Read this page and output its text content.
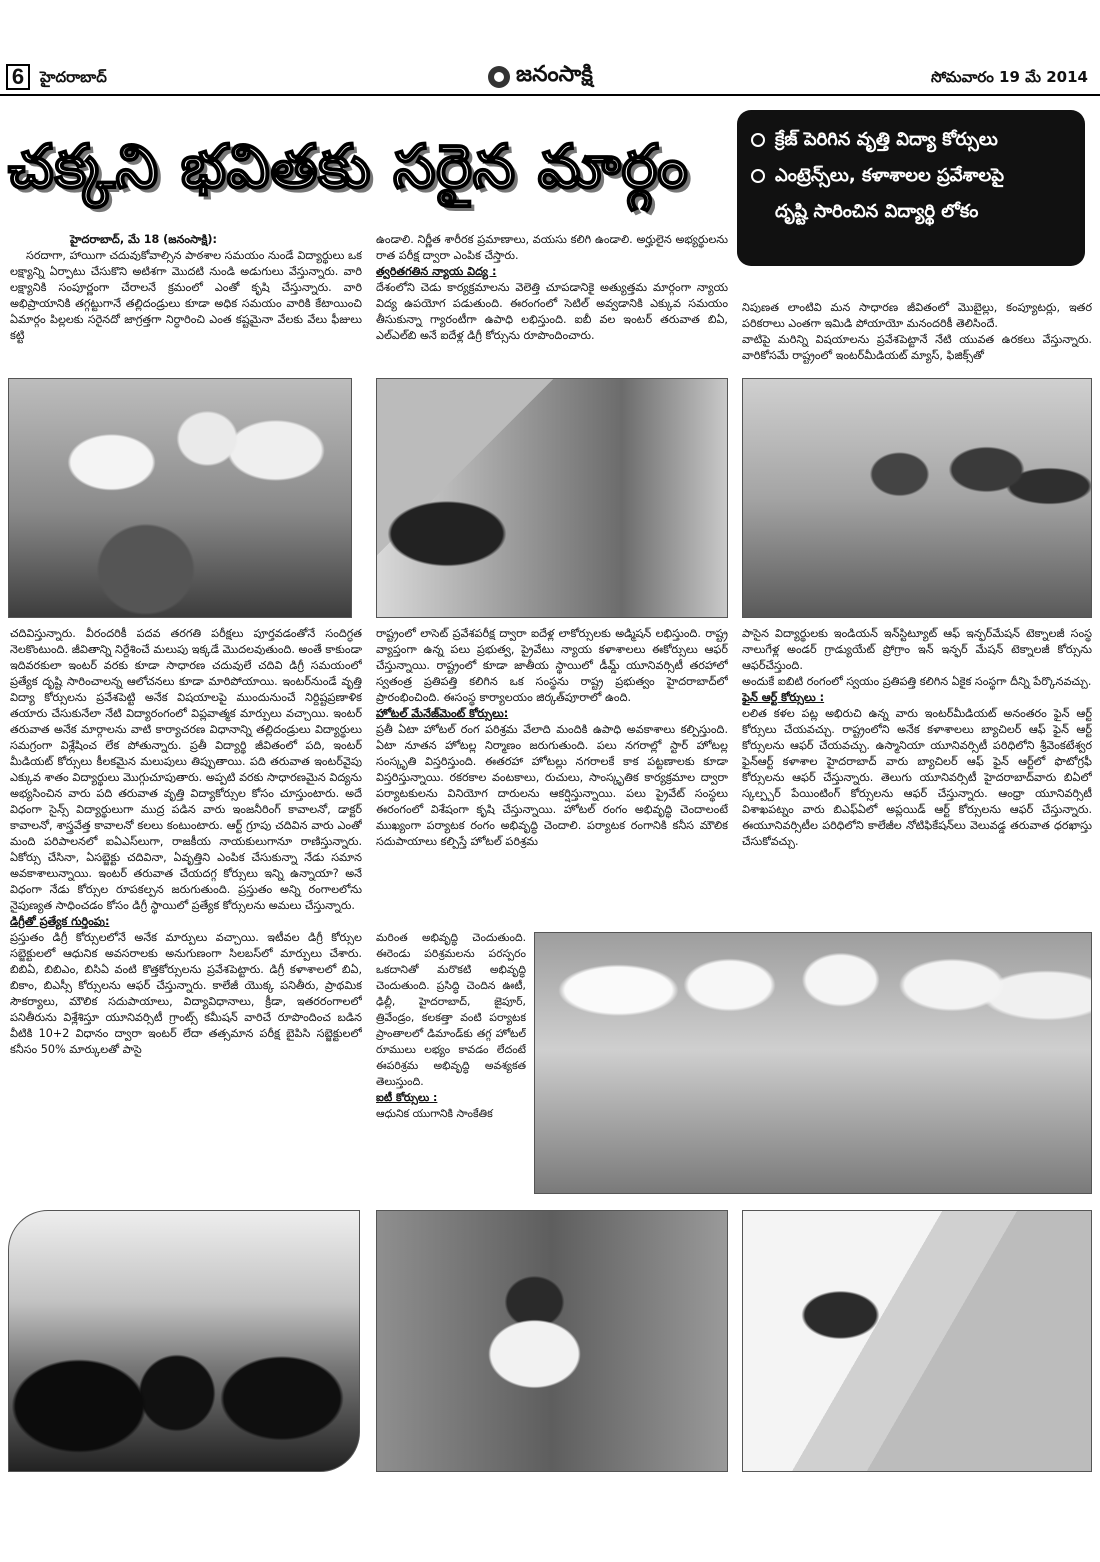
6	హైదరాబాద్	జనంసాక్షి	సోమవారం 19 మే 2014
చక్కని భవితకు సరైన మార్గం	క్రేజ్ పెరిగిన వృత్తి విద్యా కోర్సులు
ఎంట్రెన్స్‌లు, కళాశాలల ప్రవేశాలపై
దృష్టి సారించిన విద్యార్థి లోకం

హైదరాబాద్, మే 18 (జనంసాక్షి):

సరదాగా, హాయిగా చదువుకోవాల్సిన పాఠశాల సమయం నుండే విద్యార్థులు ఒక లక్ష్యాన్ని ఏర్పాటు చేసుకొని అటిశగా మొదటి నుండి అడుగులు వేస్తున్నారు. వారి లక్ష్యానికి సంపూర్ణంగా చేరాలనే క్రమంలో ఎంతో కృషి చేస్తున్నారు. వారి అభిప్రాయానికి తగ్గట్టుగానే తల్లిదండ్రులు కూడా అధిక సమయం వారికి కేటాయించి ఏమార్గం పిల్లలకు సరైనదో జాగ్రత్తగా నిర్ధారించి ఎంత కష్టమైనా వేలకు వేలు ఫీజులు కట్టి

ఉండాలి. నిర్ణీత శారీరక ప్రమాణాలు, వయసు కలిగి ఉండాలి. అర్హులైన అభ్యర్థులను రాత పరీక్ష ద్వారా ఎంపిక చేస్తారు.

త్వరితగతిన న్యాయ విద్య :

దేశంలోని చెడు కార్యక్రమాలను వెలెత్తి చూపడానికై అత్యుత్తమ మార్గంగా న్యాయ విద్య ఉపయోగ పడుతుంది. ఈరంగంలో సెటిల్ అవ్వడానికి ఎక్కువ సమయం తీసుకున్నా గ్యారంటీగా ఉపాధి లభిస్తుంది. ఐబీ వల ఇంటర్ తరువాత బిఏ, ఎల్‌ఎల్‌బి అనే ఐదేళ్ల డిగ్రీ కోర్సును రూపొందించారు.

నిపుణత లాంటివి మన సాధారణ జీవితంలో మొబైల్లు, కంప్యూటర్లు, ఇతర పరికరాలు ఎంతగా ఇమిడి పోయాయో మనందరికీ తెలిసిందే.

వాటిపై మరిన్ని విషయాలను ప్రవేశపెట్టానే నేటి యువత ఉరకలు వేస్తున్నారు. వారికోసమే రాష్ట్రంలో ఇంటర్‌మీడియట్ మ్యాస్, ఫిజిక్స్‌తో

చదివిస్తున్నారు. వీరందరికీ పదవ తరగతి పరీక్షలు పూర్తవడంతోనే సందిగ్ధత నెలకొంటుంది. జీవితాన్ని నిర్దేశించే మలుపు ఇక్కడే మొదలవుతుంది. అంతే కాకుండా ఇదివరకులా ఇంటర్ వరకు కూడా సాధారణ చదువులే చదివి డిగ్రీ సమయంలో ప్రత్యేక దృష్టి సారించాలన్న ఆలోచనలు కూడా మారిపోయాయి. ఇంటర్‌నుండే వృత్తి విద్యా కోర్సులను ప్రవేశపెట్టి అనేక విషయాలపై ముందునుంచే నిర్దిష్టప్రణాళిక తయారు చేసుకునేలా నేటి విద్యారంగంలో విప్లవాత్మక మార్పులు వచ్చాయి. ఇంటర్ తరువాత అనేక మార్గాలను వాటి కార్యాచరణ విధానాన్ని తల్లిదండ్రులు విద్యార్థులు సమగ్రంగా విశ్లేషించ లేక పోతున్నారు. ప్రతీ విద్యార్థి జీవితంలో పది, ఇంటర్ మీడియట్ కోర్సులు కీలకమైన మలుపులు తిప్పుతాయి. పది తరువాత ఇంటర్‌వైపు ఎక్కువ శాతం విద్యార్థులు మొగ్గుచూపుతారు. అప్పటి వరకు సాధారణమైన విద్యను అభ్యసించిన వారు పది తరువాత వృత్తి విద్యాకోర్సుల కోసం చూస్తుంటారు. అదే విధంగా సైన్స్ విద్యార్థులుగా ముద్ర పడిన వారు ఇంజనీరింగ్ కావాలనో, డాక్టర్ కావాలనో, శాస్త్రవేత్త కావాలనో కలలు కంటుంటారు. ఆర్ట్ గ్రూపు చదివిన వారు ఎంతో మంది పరిపాలనలో ఐఏఎస్‌లుగా, రాజకీయ నాయకులుగానూ రాణిస్తున్నారు. ఏకోర్సు చేసినా, ఏసబ్జెక్టు చదివినా, ఏవృత్తిని ఎంపిక చేసుకున్నా నేడు సమాన అవకాశాలున్నాయి. ఇంటర్ తరువాత చేయదగ్గ కోర్సులు ఇన్ని ఉన్నాయా? అనే విధంగా నేడు కోర్సుల రూపకల్పన జరుగుతుంది. ప్రస్తుతం అన్ని రంగాలలోను నైపుణ్యత సాధించడం కోసం డిగ్రీ స్థాయిలో ప్రత్యేక కోర్సులను అమలు చేస్తున్నారు.

డిగ్రీతో ప్రత్యేక గుర్తింపు:

ప్రస్తుతం డిగ్రీ కోర్సులలోనే అనేక మార్పులు వచ్చాయి. ఇటీవల డిగ్రీ కోర్సుల సబ్జెక్టులలో ఆధునిక అవసరాలకు అనుగుణంగా సిలబస్‌లో మార్పులు చేశారు. బిబిఏ, బిబిఎం, బిసిఏ వంటి కొత్తకోర్సులను ప్రవేశపెట్టారు. డిగ్రీ కళాశాలలో బిఏ, బికాం, బిఎస్సీ కోర్సులను ఆఫర్ చేస్తున్నారు. కాలేజీ యొక్క పనితీరు, ప్రాథమిక సౌకర్యాలు, మౌలిక సదుపాయాలు, విద్యావిధానాలు, క్రీడా, ఇతరరంగాలలో పనితీరును విశ్లేశిస్తూ యూనివర్సిటీ గ్రాంట్స్ కమీషన్ వారిచే రూపొందించ బడిన వీటికి 10+2 విధానం ద్వారా ఇంటర్ లేదా తత్సమాన పరీక్ష బైపిసి సబ్జెక్టులలో కనీసం 50% మార్కులతో పాసై

రాష్ట్రంలో లాసెట్ ప్రవేశపరీక్ష ద్వారా ఐదేళ్ల లాకోర్సులకు అడ్మిషన్ లభిస్తుంది. రాష్ట్ర వ్యాప్తంగా ఉన్న పలు ప్రభుత్వ, ప్రైవేటు న్యాయ కళాశాలలు ఈకోర్సులు ఆఫర్ చేస్తున్నాయి. రాష్ట్రంలో కూడా జాతీయ స్థాయిలో డీమ్డ్ యూనివర్సిటీ తరహాలో స్వతంత్ర ప్రతిపత్తి కలిగిన ఒక సంస్థను రాష్ట్ర ప్రభుత్వం హైదరాబాద్‌లో ప్రారంభించింది. ఈసంస్థ కార్యాలయం జిర్కత్‌పూరాలో ఉంది.

హోటల్ మేనేజ్‌మెంట్ కోర్సులు:

ప్రతీ ఏటా హోటల్ రంగ పరిశ్రమ వేలాది మందికి ఉపాధి అవకాశాలు కల్పిస్తుంది. ఏటా నూతన హోటల్ల నిర్మాణం జరుగుతుంది. పలు నగరాల్లో స్టార్ హోటల్ల సంస్కృతి విస్తరిస్తుంది. ఈతరహా హోటల్లు నగరాలకే కాక పట్టణాలకు కూడా విస్తరిస్తున్నాయి. రకరకాల వంటకాలు, రుచులు, సాంస్కృతిక కార్యక్రమాల ద్వారా పర్యాటకులను వినియోగ దారులను ఆకర్షిస్తున్నాయి. పలు ప్రైవేట్ సంస్థలు ఈరంగంలో విశేషంగా కృషి చేస్తున్నాయి. హోటల్ రంగం అభివృద్ధి చెందాలంటే ముఖ్యంగా పర్యాటక రంగం అభివృద్ధి చెందాలి. పర్యాటక రంగానికి కనీస మౌలిక సదుపాయాలు కల్పిస్తే హోటల్ పరిశ్రమ

మరింత అభివృద్ధి చెందుతుంది. ఈరెండు పరిశ్రమలను పరస్పరం ఒకదానితో మరొకటి అభివృద్ధి చెందుతుంది. ప్రసిద్ధి చెందిన ఊటీ, ఢిల్లీ, హైదరాబాద్, జైపూర్, త్రివేండ్రం, కలకత్తా వంటి పర్యాటక ప్రాంతాలలో డిమాండ్‌కు తగ్గ హోటల్ రూములు లభ్యం కావడం లేదంటే ఈపరిశ్రమ అభివృద్ధి అవశ్యకత తెలుస్తుంది.

ఐటీ కోర్సులు :

ఆధునిక యుగానికి సాంకేతిక

పాసైన విద్యార్థులకు ఇండియన్ ఇన్‌స్టిట్యూట్ ఆఫ్ ఇన్ఫర్‌మేషన్ టెక్నాలజీ సంస్థ నాలుగేళ్ల అండర్ గ్రాడ్యుయేట్ ప్రోగ్రాం ఇన్ ఇన్ఫర్ మేషన్ టెక్నాలజీ కోర్సును ఆఫర్‌చేస్తుంది.

అందుకే ఐబిటి రంగంలో స్వయం ప్రతిపత్తి కలిగిన ఏకైక సంస్థగా దీన్ని పేర్కొనవచ్చు.

ఫైన్ ఆర్ట్ కోర్సులు :

లలిత కళల పట్ల అభిరుచి ఉన్న వారు ఇంటర్‌మీడియట్ అనంతరం ఫైన్ ఆర్ట్ కోర్సులు చేయవచ్చు. రాష్ట్రంలోని అనేక కళాశాలలు బ్యాచిలర్ ఆఫ్ ఫైన్ ఆర్ట్ కోర్సులను ఆఫర్ చేయవచ్చు. ఉస్మానియా యూనివర్సిటీ పరిధిలోని శ్రీవెంకటేశ్వర ఫైన్‌ఆర్ట్ కళాశాల హైదరాబాద్ వారు బ్యాచిలర్ ఆఫ్ ఫైన్ ఆర్ట్‌లో ఫొటోగ్రఫీ కోర్సులను ఆఫర్ చేస్తున్నారు. తెలుగు యూనివర్సిటీ హైదరాబాద్‌వారు బిఏలో స్కల్ప్చర్ పేయింటింగ్ కోర్సులను ఆఫర్ చేస్తున్నారు. ఆంధ్రా యూనివర్సిటీ విశాఖపట్నం వారు బిఎఫ్‌ఏలో అప్లయిడ్ ఆర్ట్ కోర్సులను ఆఫర్ చేస్తున్నారు. ఈయూనివర్సిటీల పరిధిలోని కాలేజీల నోటిఫికేషన్‌లు వెలువడ్డ తరువాత ధరఖాస్తు చేసుకోవచ్చు.
